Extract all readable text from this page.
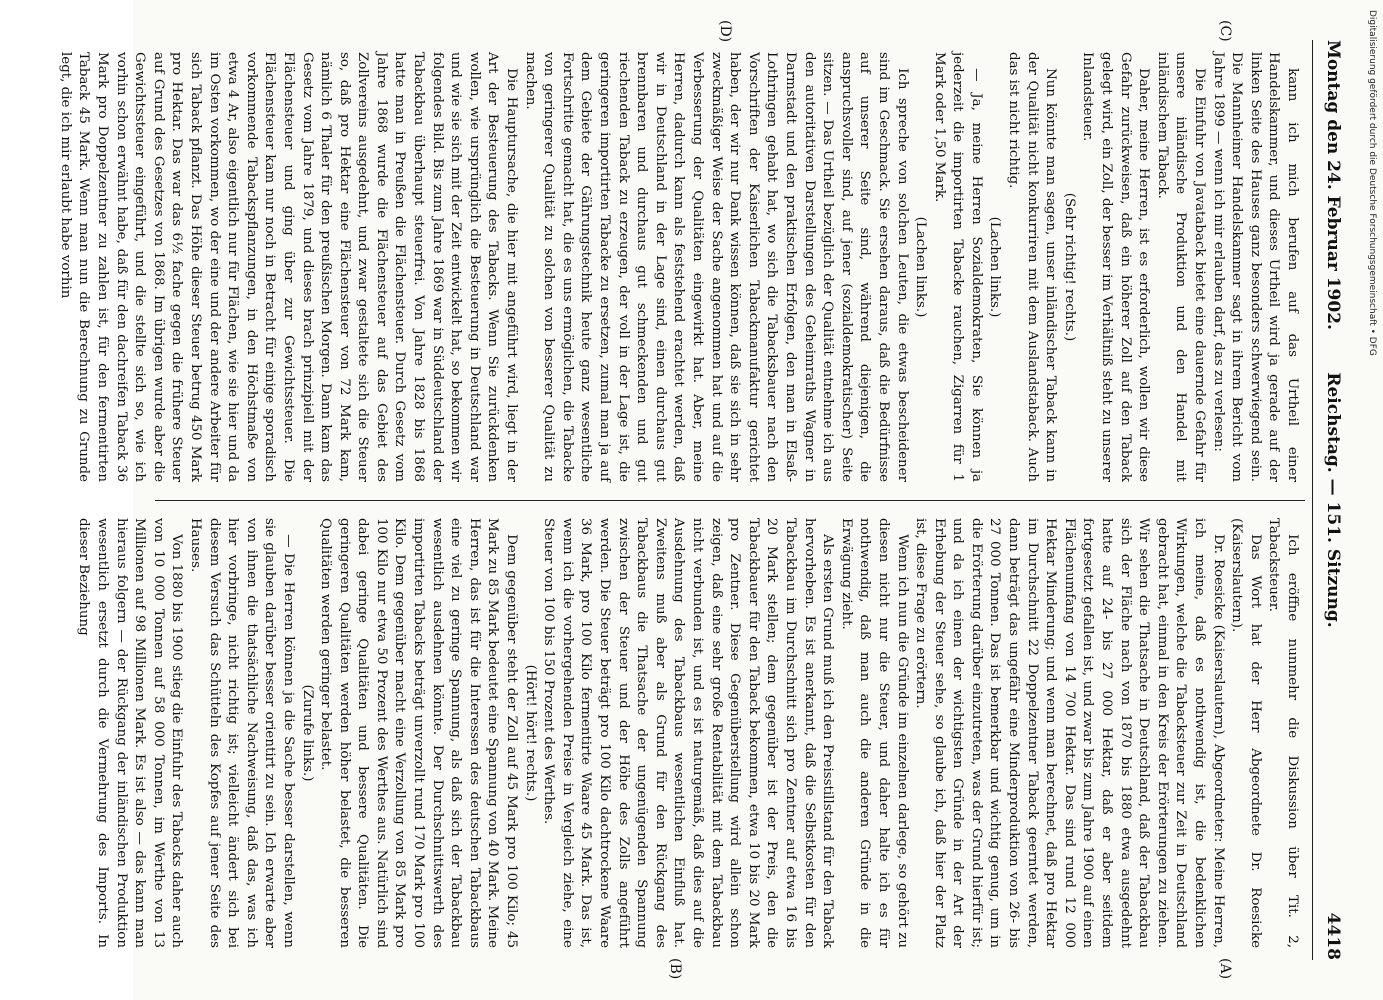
Montag den 24. Februar 1902.
Reichstag. — 151. Sitzung.
4418

kann ich mich berufen auf das Urtheil einer Handelskammer, und dieses Urtheil wird ja gerade auf der linken Seite des Hauses ganz besonders schwerwiegend sein. Die Mannheimer Handelskammer sagt in ihrem Bericht vom Jahre 1899 — wenn ich mir erlauben darf, das zu verlesen:

Die Einfuhr von Javataback bietet eine dauernde Gefahr für unsere inländische Produktion und den Handel mit inländischem Taback.

Daher, meine Herren, ist es erforderlich, wollen wir diese Gefahr zurückweisen, daß ein höherer Zoll auf den Taback gelegt wird, ein Zoll, der besser im Verhältniß steht zu unserer Inlandsteuer.

(Sehr richtig! rechts.)

Nun könnte man sagen, unser inländischer Taback kann in der Qualität nicht konkurriren mit dem Auslandstaback. Auch das ist nicht richtig.

(Lachen links.)

— Ja, meine Herren Sozialdemokraten, Sie können ja jederzeit die importirten Tabacke rauchen, Zigarren für 1 Mark oder 1,50 Mark.

(Lachen links.)

Ich spreche von solchen Leuten, die etwas bescheidener sind im Geschmack. Sie ersehen daraus, daß die Bedürfnisse auf unserer Seite sind, während diejenigen, die anspruchsvoller sind, auf jener (sozialdemokratischer) Seite sitzen. — Das Urtheil bezüglich der Qualität entnehme ich aus den autoritativen Darstellungen des Geheimraths Wagner in Darmstadt und den praktischen Erfolgen, den man in Elsaß-Lothringen gehabt hat, wo sich die Tabacksbauer nach den Vorschriften der Kaiserlichen Tabackmanufaktur gerichtet haben, der wir nur Dank wissen können, daß sie sich in sehr zweckmäßiger Weise der Sache angenommen hat und auf die Verbesserung der Qualitäten eingewirkt hat. Aber, meine Herren, dadurch kann als feststehend erachtet werden, daß wir in Deutschland in der Lage sind, einen durchaus gut brennbaren und durchaus gut schmeckenden und gut riechenden Taback zu erzeugen, der voll in der Lage ist, die geringeren importirten Tabacke zu ersetzen, zumal man ja auf dem Gebiete der Gährungstechnik heute ganz wesentliche Fortschritte gemacht hat, die es uns ermöglichen, die Tabacke von geringerer Qualität zu solchen von besserer Qualität zu machen.

Die Hauptursache, die hier mit angeführt wird, liegt in der Art der Besteuerung des Tabacks. Wenn Sie zurückdenken wollen, wie ursprünglich die Besteuerung in Deutschland war und wie sie sich mit der Zeit entwickelt hat, so bekommen wir folgendes Bild. Bis zum Jahre 1869 war in Süddeutschland der Tabackbau überhaupt steuerfrei. Von Jahre 1828 bis 1868 hatte man in Preußen die Flächensteuer. Durch Gesetz vom Jahre 1868 wurde die Flächensteuer auf das Gebiet des Zollvereins ausgedehnt, und zwar gestaltete sich die Steuer so, daß pro Hektar eine Flächensteuer von 72 Mark kam, nämlich 6 Thaler für den preußischen Morgen. Dann kam das Gesetz vom Jahre 1879, und dieses brach prinzipiell mit der Flächensteuer und ging über zur Gewichtssteuer. Die Flächensteuer kam nur noch in Betracht für einige sporadisch vorkommende Tabackspflanzungen, in den Höchstmaße von etwa 4 Ar, also eigentlich nur für Flächen, wie sie hier und da im Osten vorkommen, wo der eine und der andere Arbeiter für sich Taback pflanzt. Das Höhe dieser Steuer betrug 450 Mark pro Hektar. Das war das 6½ fache gegen die frühere Steuer auf Grund des Gesetzes von 1868. Im übrigen wurde aber die Gewichtssteuer eingeführt, und die stellte sich so, wie ich vorhin schon erwähnt habe, daß für den dachreifen Taback 36 Mark pro Doppelzentner zu zahlen ist, für den fermentirten Taback 45 Mark. Wenn man nun die Berechnung zu Grunde legt, die ich mir erlaubt habe vorhin

Ich eröffne nunmehr die Diskussion über Tit. 2, Tabacksteuer.

Das Wort hat der Herr Abgeordnete Dr. Roesicke (Kaiserslautern).

Dr. Roesicke (Kaiserslautern), Abgeordneter: Meine Herren, ich meine, daß es nothwendig ist, die bedenklichen Wirkungen, welche die Tabacksteuer zur Zeit in Deutschland gebracht hat, einmal in den Kreis der Erörterungen zu ziehen. Wir sehen die Thatsache in Deutschland, daß der Tabackbau sich der Fläche nach von 1870 bis 1880 etwa ausgedehnt hatte auf 24- bis 27 000 Hektar, daß er aber seitdem fortgesetzt gefallen ist, und zwar bis zum Jahre 1900 auf einen Flächenumfang von 14 700 Hektar. Das sind rund 12 000 Hektar Minderung; und wenn man berechnet, daß pro Hektar im Durchschnitt 22 Doppelzentner Taback geerntet werden, dann beträgt das ungefähr eine Minderproduktion von 26- bis 27 000 Tonnen. Das ist bemerkbar und wichtig genug, um in die Erörterung darüber einzutreten, was der Grund hierfür ist; und da ich einen der wichtigsten Gründe in der Art der Erhebung der Steuer sehe, so glaube ich, daß hier der Platz ist, diese Frage zu erörtern.

Wenn ich nun die Gründe im einzelnen darlege, so gehört zu diesen nicht nur die Steuer, und daher halte ich es für nothwendig, daß man auch die anderen Gründe in die Erwägung zieht.

Als ersten Grund muß ich den Preisstillstand für den Taback hervorheben. Es ist anerkannt, daß die Selbstkosten für den Tabackbau im Durchschnitt sich pro Zentner auf etwa 16 bis 20 Mark stellen; dem gegenüber ist der Preis, den die Tabackbauer für den Taback bekommen, etwa 10 bis 20 Mark pro Zentner. Diese Gegenüberstellung wird allein schon zeigen, daß eine sehr große Rentabilität mit dem Tabackbau nicht verbunden ist, und es ist naturgemäß, daß dies auf die Ausdehnung des Tabackbaus wesentlichen Einfluß hat. Zweitens muß aber als Grund für den Rückgang des Tabackbaus die Thatsache der ungenügenden Spannung zwischen der Steuer und der Höhe des Zolls angeführt werden. Die Steuer beträgt pro 100 Kilo dachtrockene Waare 36 Mark, pro 100 Kilo fermentirte Waare 45 Mark. Das ist, wenn ich die vorhergehenden Preise in Vergleich ziehe, eine Steuer von 100 bis 150 Prozent des Werthes.

(Hört! hört! rechts.)

Dem gegenüber steht der Zoll auf 45 Mark pro 100 Kilo; 45 Mark zu 85 Mark bedeutet eine Spannung von 40 Mark. Meine Herren, das ist für die Interessen des deutschen Tabackbaus eine viel zu geringe Spannung, als daß sich der Tabackbau wesentlich ausdehnen könnte. Der Durchschnittswerth des importirten Tabacks beträgt unverzollt rund 170 Mark pro 100 Kilo. Dem gegenüber macht eine Verzollung von 85 Mark pro 100 Kilo nur etwa 50 Prozent des Werthes aus. Natürlich sind dabei geringe Qualitäten und bessere Qualitäten. Die geringeren Qualitäten werden höher belastet, die besseren Qualitäten werden geringer belastet.

(Zurufe links.)

— Die Herren können ja die Sache besser darstellen, wenn sie glauben darüber besser orientirt zu sein. Ich erwarte aber von ihnen die thatsächliche Nachweisung, daß das, was ich hier vorbringe, nicht richtig ist; vielleicht ändert sich bei diesem Versuch das Schütteln des Kopfes auf jener Seite des Hauses.

Von 1880 bis 1900 stieg die Einfuhr des Tabacks daher auch von 10 000 Tonnen auf 58 000 Tonnen, im Werthe von 13 Millionen auf 98 Millionen Mark. Es ist also — das kann man hieraus folgern — der Rückgang der inländischen Produktion wesentlich ersetzt durch die Vermehrung des Imports. In dieser Beziehung

(C)
(D)
(A)
(B)
Digitalisierung gefördert durch die Deutsche Forschungsgemeinschaft • DFG
